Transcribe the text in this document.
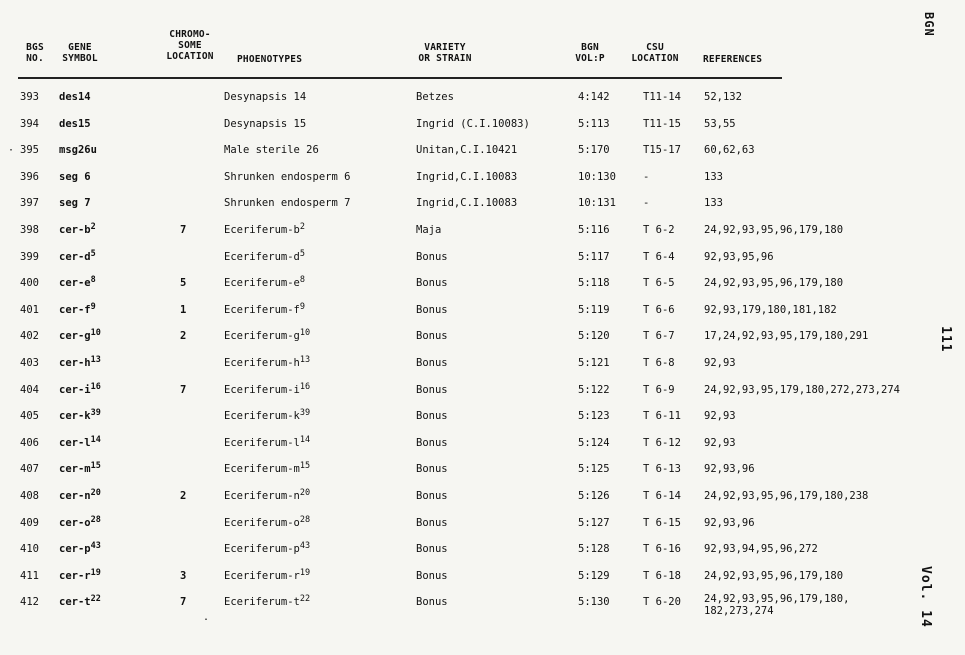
BGS
NO.
GENE
SYMBOL
CHROMO-
SOME
LOCATION	PHOENOTYPES
VARIETY
OR STRAIN
BGN
VOL:P
CSU
LOCATION	REFERENCES
393 des14	Desynapsis 14	Betzes	4:142	T11-14 52,132
394 des15	Desynapsis 15	Ingrid (C.I.10083)	5:113	T11-15 53,55
395 msg26u	Male sterile 26	Unitan,C.I.10421	5:170	T15-17 60,62,63
396 seg 6	Shrunken endosperm 6	Ingrid,C.I.10083	10:130	-	133
397 seg 7	Shrunken endosperm 7	Ingrid,C.I.10083	10:131	-	133
398 cer-$b^2$	7	Eceriferum-$b^2$	Maja	5:116	T 6-2	24,92,93,95,96,179,180
399 cer-$d^5$	Eceriferum-$d^5$	Bonus	5:117	T 6-4	92,93,95,96
400 cer-$e^8$	5	Eceriferum-$e^8$	Bonus	5:118	T 6-5	24,92,93,95,96,179,180
401 cer-$f^9$	1	Eceriferum-$f^9$	Bonus	5:119	T 6-6	92,93,179,180,181,182
402 cer-$g^{10}$	2	Eceriferum-$g^{10}$	Bonus	5:120	T 6-7	17,24,92,93,95,179,180,291
403 cer-$h^{13}$	Eceriferum-$h^{13}$	Bonus	5:121	T 6-8	92,93
404 cer-$i^{16}$	7	Eceriferum-$i^{16}$	Bonus	5:122	T 6-9	24,92,93,95,179,180,272,273,274
405 cer-$k^{39}$	Eceriferum-$k^{39}$	Bonus	5:123	T 6-11 92,93
406 cer-$l^{14}$	Eceriferum-$l^{14}$	Bonus	5:124	T 6-12 92,93
407 cer-$m^{15}$	Eceriferum-$m^{15}$	Bonus	5:125	T 6-13 92,93,96
408 cer-$n^{20}$	2	Eceriferum-$n^{20}$	Bonus	5:126	T 6-14 24,92,93,95,96,179,180,238
409 cer-$o^{28}$	Eceriferum-$o^{28}$	Bonus	5:127	T 6-15 92,93,96
410 cer-$p^{43}$	Eceriferum-$p^{43}$	Bonus	5:128	T 6-16 92,93,94,95,96,272
411 cer-$r^{19}$	3	Eceriferum-$r^{19}$	Bonus	5:129	T 6-18 24,92,93,95,96,179,180
412 cer-$t^{22}$	7	Eceriferum-$t^{22}$	Bonus	5:130	T 6-20 24,92,93,95,96,179,180,
182,273,274
BGN
111
Vol. 14
·
.
